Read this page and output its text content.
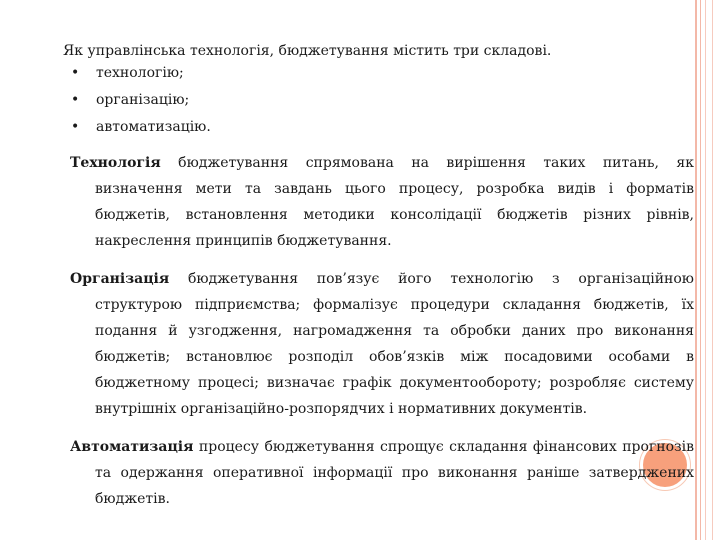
Як управлінська технологія, бюджетування містить три складові.

• технологію;
• організацію;
• автоматизацію.

Технологія бюджетування спрямована на вирішення таких питань, як визначення мети та завдань цього процесу, розробка видів і форматів бюджетів, встановлення методики консолідації бюджетів різних рівнів, накреслення принципів бюджетування.

Організація бюджетування пов’язує його технологію з організаційною структурою підприємства; формалізує процедури складання бюджетів, їх подання й узгодження, нагромадження та обробки даних про виконання бюджетів; встановлює розподіл обов’язків між посадовими особами в бюджетному процесі; визначає графік документообороту; розробляє систему внутрішніх організаційно-розпорядчих і нормативних документів.

Автоматизація процесу бюджетування спрощує складання фінансових прогнозів та одержання оперативної інформації про виконання раніше затверджених бюджетів.
